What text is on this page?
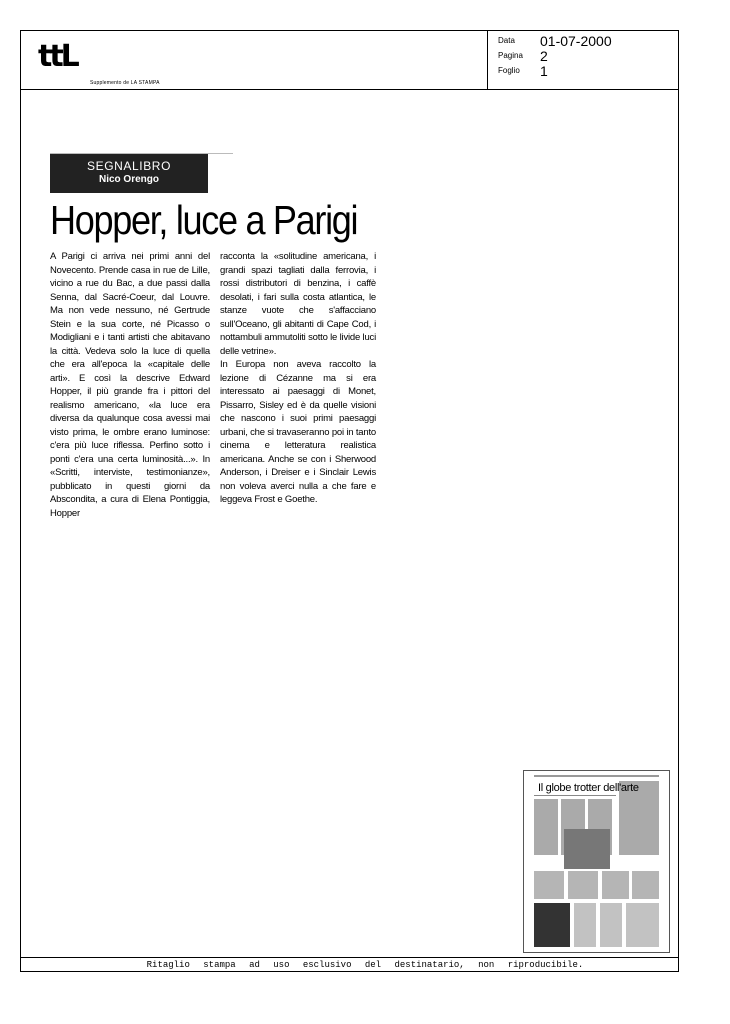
ttL
Supplemento de LA STAMPA
Data	01-07-2000
Pagina	2
Foglio	1
SEGNALIBRO
Nico Orengo
Hopper, luce a Parigi

A Parigi ci arriva nei primi anni del Novecento. Prende casa in rue de Lille, vicino a rue du Bac, a due passi dalla Senna, dal Sacré-Coeur, dal Louvre. Ma non vede nessuno, né Gertrude Stein e la sua corte, né Picasso o Modigliani e i tanti artisti che abitavano la città. Vedeva solo la luce di quella che era all'epoca la «capitale delle arti». E così la descrive Edward Hopper, il più grande fra i pittori del realismo americano, «la luce era diversa da qualunque cosa avessi mai visto prima, le ombre erano luminose: c'era più luce riflessa. Perfino sotto i ponti c'era una certa luminosità...». In «Scritti, interviste, testimonianze», pubblicato in questi giorni da Abscondita, a cura di Elena Pontiggia, Hopper

racconta la «solitudine americana, i grandi spazi tagliati dalla ferrovia, i rossi distributori di benzina, i caffè desolati, i fari sulla costa atlantica, le stanze vuote che s'affacciano sull'Oceano, gli abitanti di Cape Cod, i nottambuli ammutoliti sotto le livide luci delle vetrine».

In Europa non aveva raccolto la lezione di Cézanne ma si era interessato ai paesaggi di Monet, Pissarro, Sisley ed è da quelle visioni che nascono i suoi primi paesaggi urbani, che si travaseranno poi in tanto cinema e letteratura realistica americana. Anche se con i Sherwood Anderson, i Dreiser e i Sinclair Lewis non voleva averci nulla a che fare e leggeva Frost e Goethe.

Il globe trotter dell'arte
Ritaglio stampa ad uso esclusivo del destinatario, non riproducibile.
